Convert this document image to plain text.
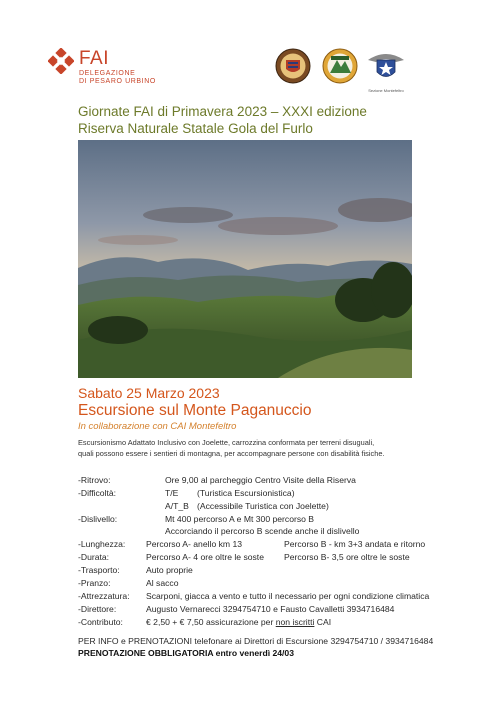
FAI
DELEGAZIONE
DI PESARO URBINO
Sezione Montefeltro
Giornate FAI di Primavera 2023 – XXXI edizione
Riserva Naturale Statale Gola del Furlo
Sabato 25 Marzo 2023
Escursione sul Monte Paganuccio
In collaborazione con CAI Montefeltro
Escursionismo Adattato Inclusivo con Joelette, carrozzina conformata per terreni disuguali,
quali possono essere i sentieri di montagna, per accompagnare persone con disabilità fisiche.
-Ritrovo:	Ore 9,00 al parcheggio Centro Visite della Riserva
-Difficoltà:	T/E (Turistica Escursionistica)
A/T_B (Accessibile Turistica con Joelette)
-Dislivello:	Mt 400 percorso A e Mt 300 percorso B
Accorciando il percorso B scende anche il dislivello
-Lunghezza: Percorso A- anello km 13	Percorso B - km 3+3 andata e ritorno
-Durata:	Percorso A- 4 ore oltre le soste Percorso B- 3,5 ore oltre le soste
-Trasporto:	Auto proprie
-Pranzo:	Al sacco
-Attrezzatura: Scarponi, giacca a vento e tutto il necessario per ogni condizione climatica
-Direttore:	Augusto Vernarecci 3294754710 e Fausto Cavalletti 3934716484
-Contributo:	€ 2,50 + € 7,50 assicurazione per non iscritti CAI
PER INFO e PRENOTAZIONI telefonare ai Direttori di Escursione 3294754710 / 3934716484
PRENOTAZIONE OBBLIGATORIA entro venerdì 24/03
